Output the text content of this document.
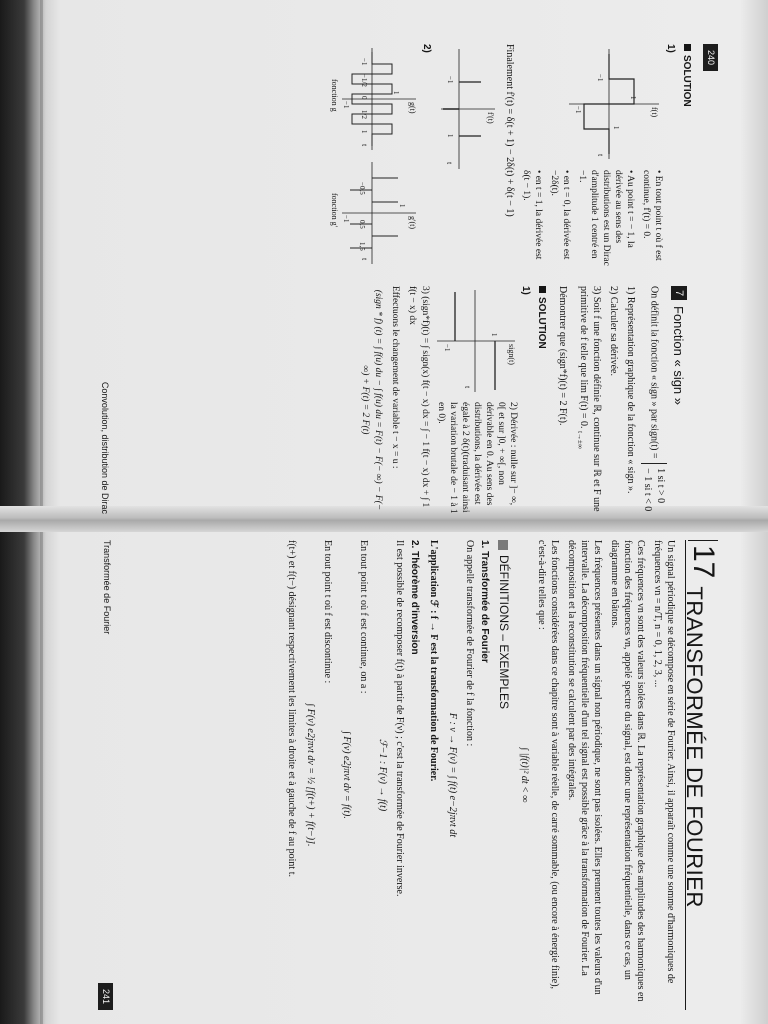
240
SOLUTION
1)
f(t)
t
−1
1
1
−1

• En tout point t où f est continue, f'(t) = 0.

• Au point t = − 1, la dérivée au sens des distributions est un Dirac d'amplitude 1 centré en −1.

• en t = 0, la dérivée est −2δ(t).

• en t = 1, la dérivée est δ(t − 1).

Finalement f'(t) = δ(t + 1) − 2δ(t) + δ(t − 1)

f'(t)
t
−1
1
2)
g(t)
t
−1
−1/2
0
1/2
1
1
−1
fonction g
g'(t)
t
−0,5
0,5
1,5
1
−1
fonction g'
7
Fonction « sign »

On définit la fonction « sign » par sign(t) =
1 si t > 0
− 1 si t < 0

1) Représentation graphique de la fonction « sign ».

2) Calculer sa dérivée.

3) Soit f une fonction définie ℝ, continue sur ℝ et F une primitive de f telle que lim F(t) = 0. $_{t\to\pm\infty}$

Démontrer que (sign*f)(t) = 2 F(t).

SOLUTION
1)
sign(t)
t
1
−1

2) Dérivée : nulle sur ]− ∞, 0[ et sur ]0, + ∞[, non dérivable en 0. Au sens des distributions, la dérivée est égale à 2 δ(t)(traduisant ainsi la variation brutale de − 1 à 1 en 0).

3) (sign*f)(t) = ∫ sign(x) f(t − x) dx = ∫ − 1 f(t − x) dx + ∫ 1 f(t − x) dx

Effectuons le changement de variable t − x = u :

(sign * f) (t) = ∫ f(u) du − ∫ f(u) du = F(t) − F(− ∞) − F(− ∞) + F(t) = 2 F(t)

Convolution, distribution de Dirac
17
TRANSFORMÉE DE FOURIER

Un signal périodique se décompose en série de Fourier. Ainsi, il apparaît comme une somme d'harmoniques de fréquences νn = n/T, n = 0, 1, 2, 3, ...

Ces fréquences νn sont des valeurs isolées dans ℝ. La représentation graphique des amplitudes des harmoniques en fonction des fréquences νn, appelé spectre du signal, est donc une représentation fréquentielle, dans ce cas, un diagramme en bâtons.

Les fréquences présentes dans un signal non périodique, ne sont pas isolées. Elles prennent toutes les valeurs d'un intervalle. La décomposition fréquentielle d'un tel signal est possible grâce à la transformation de Fourier. La décomposition et la reconstitution se calculent par des intégrales.

Les fonctions considérées dans ce chapitre sont à variable réelle, de carré sommable, (ou encore à énergie finie), c'est-à-dire telles que :

∫ |f(t)|² dt < ∞
DÉFINITIONS – EXEMPLES
1. Transformée de Fourier

On appelle transformée de Fourier de f la fonction :

F : ν → F(ν) = ∫ f(t) e−2jπνt dt

L'application ℱ : f → F est la transformation de Fourier.

2. Théorème d'inversion

Il est possible de recomposer f(t) à partir de F(ν) ; c'est la transformée de Fourier inverse.

ℱ−1 : F(ν) → f(t)

En tout point t où f est continue, on a :

∫ F(ν) e2jπνt dν = f(t).

En tout point t où f est discontinue :

∫ F(ν) e2jπνt dν = ½ [f(t+) + f(t−)].

f(t+) et f(t−) désignant respectivement les limites à droite et à gauche de f au point t.

Transformée de Fourier
241
